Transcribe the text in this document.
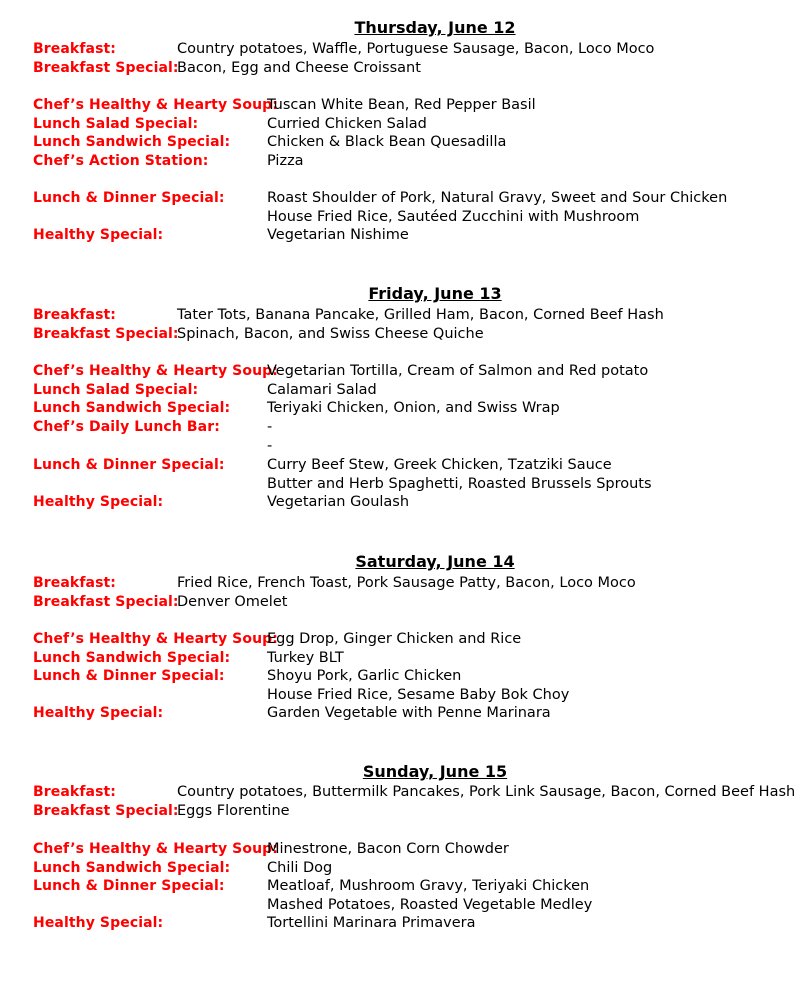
Thursday, June 12
Breakfast:	Country potatoes, Waffle, Portuguese Sausage, Bacon, Loco Moco
Breakfast Special:
Bacon, Egg and Cheese Croissant
Chef’s Healthy & Hearty Soup:
Tuscan White Bean, Red Pepper Basil
Lunch Salad Special:	Curried Chicken Salad
Lunch Sandwich Special:	Chicken & Black Bean Quesadilla
Chef’s Action Station:	Pizza
Lunch & Dinner Special:	Roast Shoulder of Pork, Natural Gravy, Sweet and Sour Chicken
House Fried Rice, Sautéed Zucchini with Mushroom
Healthy Special:	Vegetarian Nishime
Friday, June 13
Breakfast:	Tater Tots, Banana Pancake, Grilled Ham, Bacon, Corned Beef Hash
Breakfast Special:
Spinach, Bacon, and Swiss Cheese Quiche
Chef’s Healthy & Hearty Soup:
Vegetarian Tortilla, Cream of Salmon and Red potato
Lunch Salad Special:	Calamari Salad
Lunch Sandwich Special:	Teriyaki Chicken, Onion, and Swiss Wrap
Chef’s Daily Lunch Bar:	-
-
Lunch & Dinner Special:	Curry Beef Stew, Greek Chicken, Tzatziki Sauce
Butter and Herb Spaghetti, Roasted Brussels Sprouts
Healthy Special:	Vegetarian Goulash
Saturday, June 14
Breakfast:	Fried Rice, French Toast, Pork Sausage Patty, Bacon, Loco Moco
Breakfast Special:
Denver Omelet
Chef’s Healthy & Hearty Soup:
Egg Drop, Ginger Chicken and Rice
Lunch Sandwich Special:	Turkey BLT
Lunch & Dinner Special:	Shoyu Pork, Garlic Chicken
House Fried Rice, Sesame Baby Bok Choy
Healthy Special:	Garden Vegetable with Penne Marinara
Sunday, June 15
Breakfast:	Country potatoes, Buttermilk Pancakes, Pork Link Sausage, Bacon, Corned Beef Hash
Breakfast Special:
Eggs Florentine
Chef’s Healthy & Hearty Soup:
Minestrone, Bacon Corn Chowder
Lunch Sandwich Special:	Chili Dog
Lunch & Dinner Special:	Meatloaf, Mushroom Gravy, Teriyaki Chicken
Mashed Potatoes, Roasted Vegetable Medley
Healthy Special:	Tortellini Marinara Primavera
